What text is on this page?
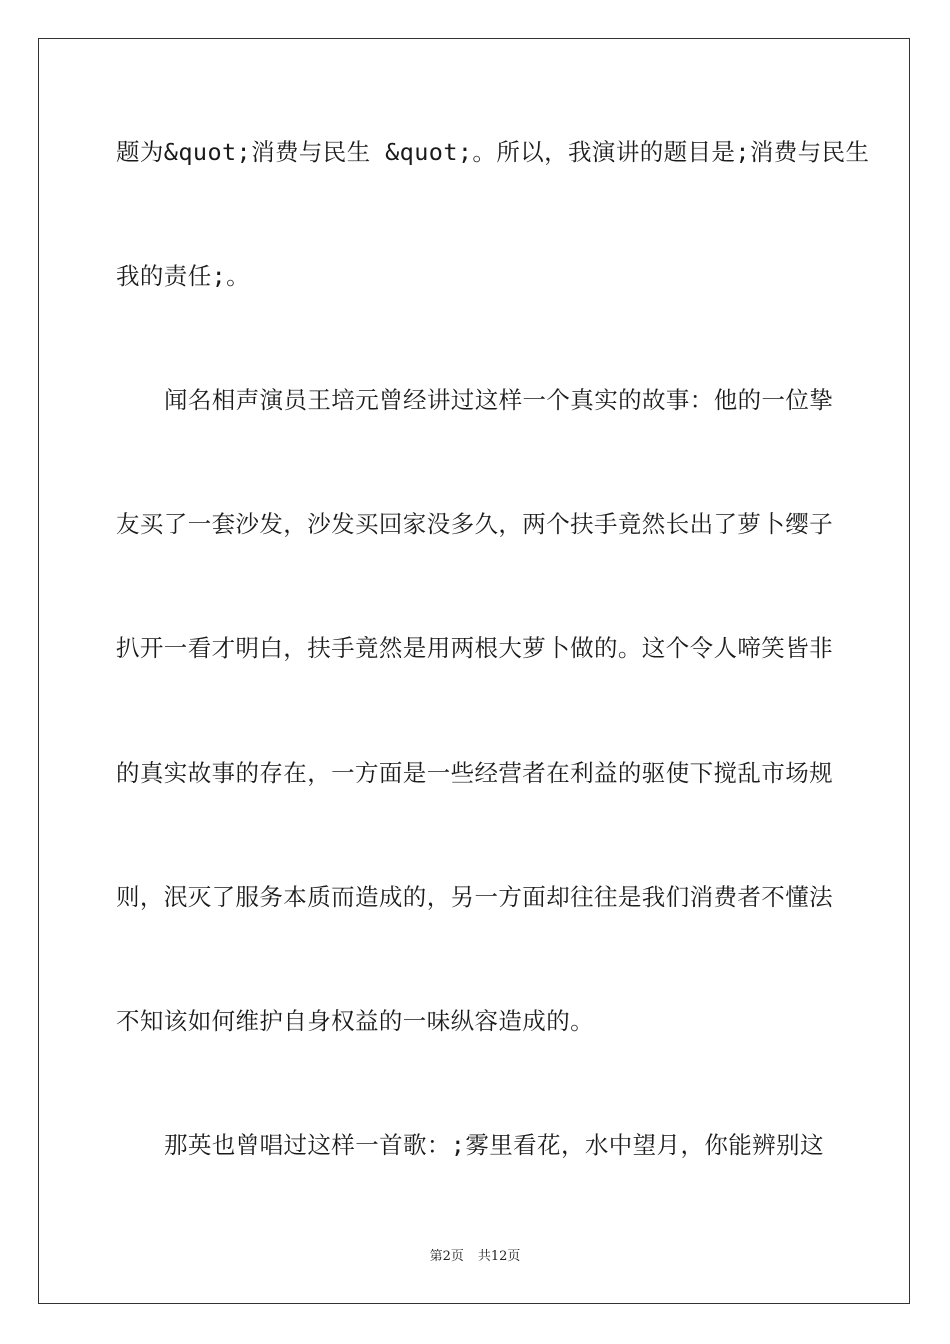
题为&quot;消费与民生 &quot;。所以，我演讲的题目是;消费与民生

我的责任;。

闻名相声演员王培元曾经讲过这样一个真实的故事：他的一位挚

友买了一套沙发，沙发买回家没多久，两个扶手竟然长出了萝卜缨子

扒开一看才明白，扶手竟然是用两根大萝卜做的。这个令人啼笑皆非

的真实故事的存在，一方面是一些经营者在利益的驱使下搅乱市场规

则，泯灭了服务本质而造成的，另一方面却往往是我们消费者不懂法

不知该如何维护自身权益的一味纵容造成的。

那英也曾唱过这样一首歌：;雾里看花，水中望月，你能辨别这

第2页 共12页
